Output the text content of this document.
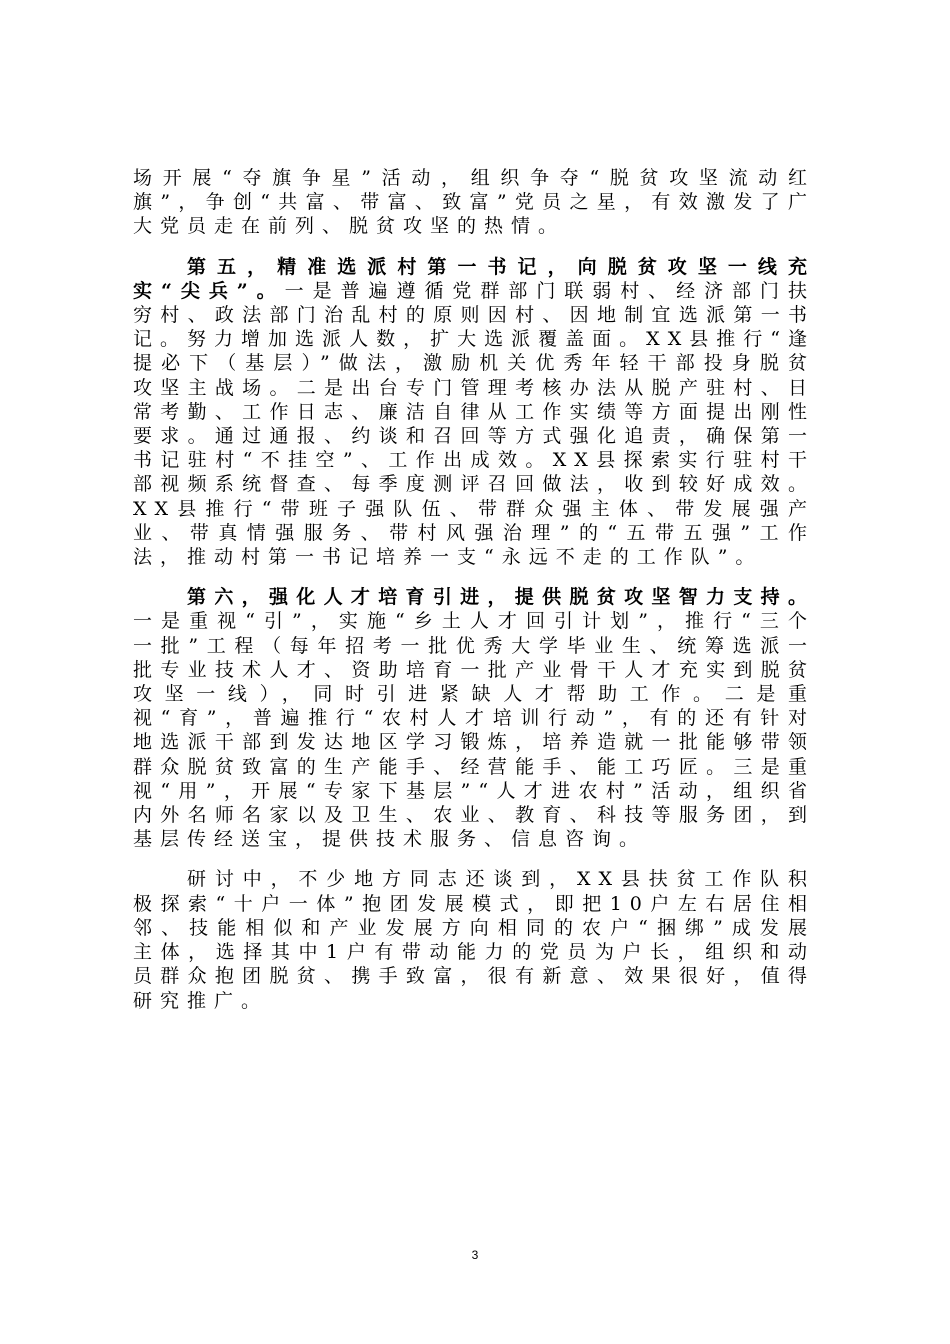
场开展“夺旗争星”活动，组织争夺“脱贫攻坚流动红旗”，争创“共富、带富、致富”党员之星，有效激发了广大党员走在前列、脱贫攻坚的热情。

第五，精准选派村第一书记，向脱贫攻坚一线充实“尖兵”。一是普遍遵循党群部门联弱村、经济部门扶穷村、政法部门治乱村的原则因村、因地制宜选派第一书记。努力增加选派人数，扩大选派覆盖面。XX县推行“逢提必下（基层）”做法，激励机关优秀年轻干部投身脱贫攻坚主战场。二是出台专门管理考核办法从脱产驻村、日常考勤、工作日志、廉洁自律从工作实绩等方面提出刚性要求。通过通报、约谈和召回等方式强化追责，确保第一书记驻村“不挂空”、工作出成效。XX县探索实行驻村干部视频系统督查、每季度测评召回做法，收到较好成效。XX县推行“带班子强队伍、带群众强主体、带发展强产业、带真情强服务、带村风强治理”的“五带五强”工作法，推动村第一书记培养一支“永远不走的工作队”。

第六，强化人才培育引进，提供脱贫攻坚智力支持。一是重视“引”，实施“乡土人才回引计划”，推行“三个一批”工程（每年招考一批优秀大学毕业生、统筹选派一批专业技术人才、资助培育一批产业骨干人才充实到脱贫攻坚一线），同时引进紧缺人才帮助工作。二是重视“育”，普遍推行“农村人才培训行动”，有的还有针对地选派干部到发达地区学习锻炼，培养造就一批能够带领群众脱贫致富的生产能手、经营能手、能工巧匠。三是重视“用”，开展“专家下基层”“人才进农村”活动，组织省内外名师名家以及卫生、农业、教育、科技等服务团，到基层传经送宝，提供技术服务、信息咨询。

研讨中，不少地方同志还谈到，XX县扶贫工作队积极探索“十户一体”抱团发展模式，即把10户左右居住相邻、技能相似和产业发展方向相同的农户“捆绑”成发展主体，选择其中1户有带动能力的党员为户长，组织和动员群众抱团脱贫、携手致富，很有新意、效果很好，值得研究推广。

3
